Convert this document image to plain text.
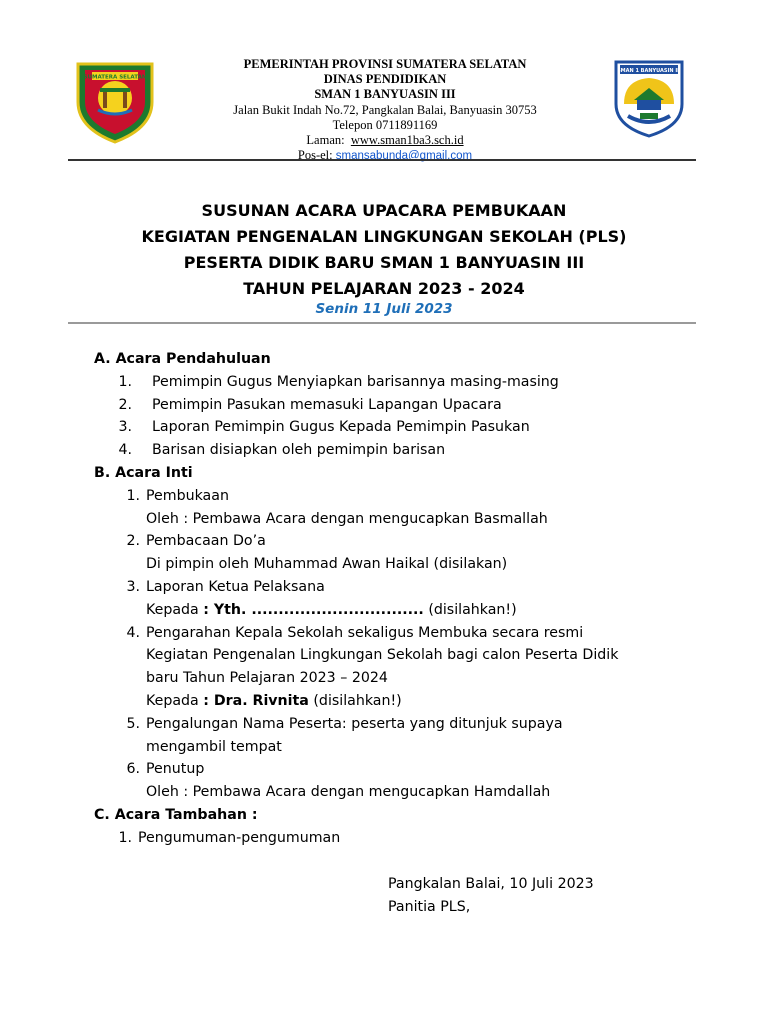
SUMATERA SELATAN
PEMERINTAH PROVINSI SUMATERA SELATAN
DINAS PENDIDIKAN
SMAN 1 BANYUASIN III
Jalan Bukit Indah No.72, Pangkalan Balai, Banyuasin 30753
Telepon 0711891169
Laman: www.sman1ba3.sch.id
Pos-el: smansabunda@gmail.com
SMAN 1 BANYUASIN III
SUSUNAN ACARA UPACARA PEMBUKAAN
KEGIATAN PENGENALAN LINGKUNGAN SEKOLAH (PLS)
PESERTA DIDIK BARU SMAN 1 BANYUASIN III
TAHUN PELAJARAN 2023 - 2024
Senin 11 Juli 2023
A. Acara Pendahuluan
1.	Pemimpin Gugus Menyiapkan barisannya masing-masing
2.	Pemimpin Pasukan memasuki Lapangan Upacara
3.	Laporan Pemimpin Gugus Kepada Pemimpin Pasukan
4.	Barisan disiapkan oleh pemimpin barisan
B. Acara Inti
1. Pembukaan
Oleh : Pembawa Acara dengan mengucapkan Basmallah
2. Pembacaan Do’a
Di pimpin oleh Muhammad Awan Haikal (disilakan)
3. Laporan Ketua Pelaksana
Kepada : Yth. ................................ (disilahkan!)
4. Pengarahan Kepala Sekolah sekaligus Membuka secara resmi
Kegiatan Pengenalan Lingkungan Sekolah bagi calon Peserta Didik
baru Tahun Pelajaran 2023 – 2024
Kepada : Dra. Rivnita (disilahkan!)
5. Pengalungan Nama Peserta: peserta yang ditunjuk supaya
mengambil tempat
6. Penutup
Oleh : Pembawa Acara dengan mengucapkan Hamdallah
C. Acara Tambahan :
1. Pengumuman-pengumuman
Pangkalan Balai, 10 Juli 2023
Panitia PLS,
